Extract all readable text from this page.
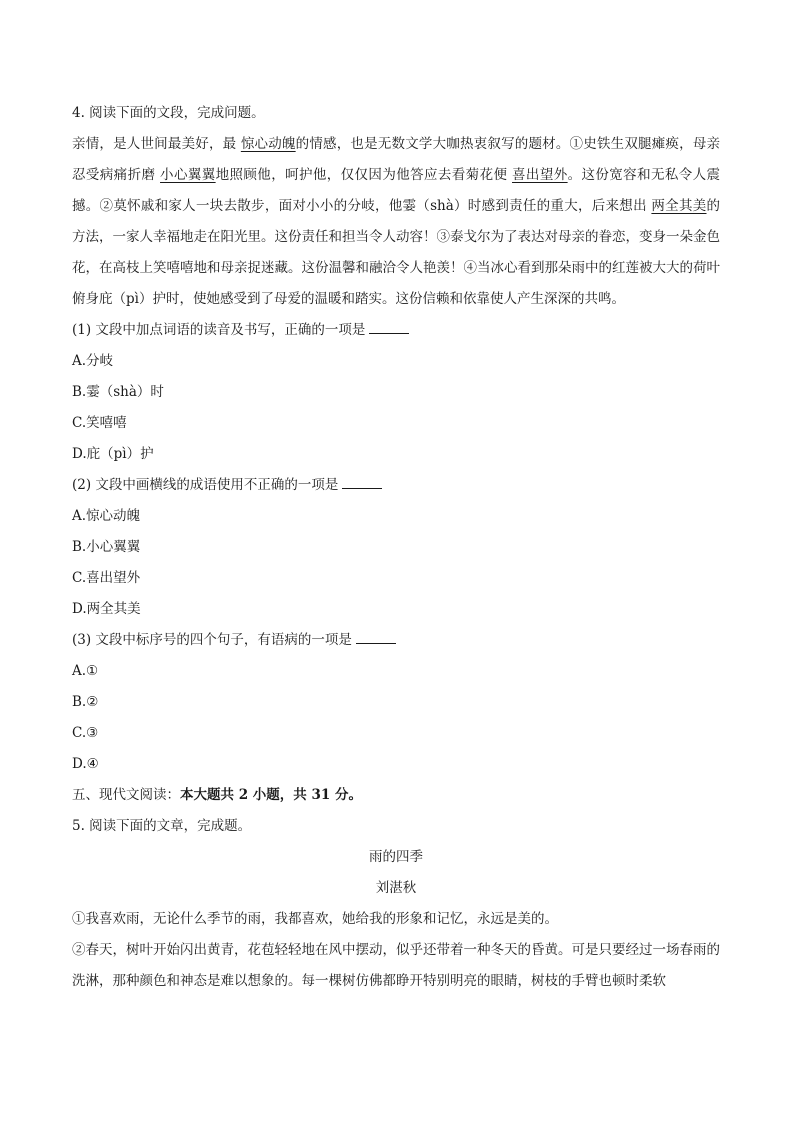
4. 阅读下面的文段，完成问题。

亲情，是人世间最美好，最 惊心动魄的情感，也是无数文学大咖热衷叙写的题材。①史铁生双腿瘫痪，母亲忍受病痛折磨 小心翼翼地照顾他，呵护他，仅仅因为他答应去看菊花便 喜出望外。这份宽容和无私令人震撼。②莫怀戚和家人一块去散步，面对小小的分岐，他霎（shà）时感到责任的重大，后来想出 两全其美的方法，一家人幸福地走在阳光里。这份责任和担当令人动容！③泰戈尔为了表达对母亲的眷恋，变身一朵金色花，在高枝上笑嘻嘻地和母亲捉迷藏。这份温馨和融洽令人艳羡！④当冰心看到那朵雨中的红莲被大大的荷叶俯身庇（pì）护时，使她感受到了母爱的温暖和踏实。这份信赖和依靠使人产生深深的共鸣。

(1) 文段中加点词语的读音及书写，正确的一项是
A.分岐
B.霎（shà）时
C.笑嘻嘻
D.庇（pì）护
(2) 文段中画横线的成语使用不正确的一项是
A.惊心动魄
B.小心翼翼
C.喜出望外
D.两全其美
(3) 文段中标序号的四个句子，有语病的一项是
A.①
B.②
C.③
D.④
五、现代文阅读：本大题共 2 小题，共 31 分。
5. 阅读下面的文章，完成题。
雨的四季
刘湛秋

①我喜欢雨，无论什么季节的雨，我都喜欢，她给我的形象和记忆，永远是美的。

②春天，树叶开始闪出黄青，花苞轻轻地在风中摆动，似乎还带着一种冬天的昏黄。可是只要经过一场春雨的洗淋，那种颜色和神态是难以想象的。每一棵树仿佛都睁开特别明亮的眼睛，树枝的手臂也顿时柔软
